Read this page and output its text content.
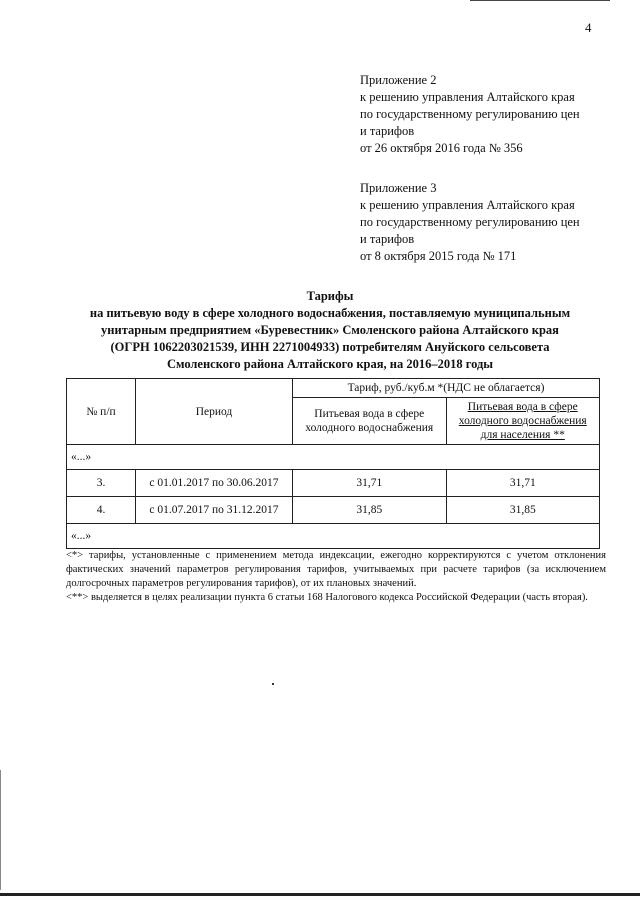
4
Приложение 2
к решению управления Алтайского края
по государственному регулированию цен
и тарифов
от 26 октября 2016 года № 356
Приложение 3
к решению управления Алтайского края
по государственному регулированию цен
и тарифов
от 8 октября 2015 года № 171
Тарифы
на питьевую воду в сфере холодного водоснабжения, поставляемую муниципальным
унитарным предприятием «Буревестник» Смоленского района Алтайского края
(ОГРН 1062203021539, ИНН 2271004933) потребителям Ануйского сельсовета
Смоленского района Алтайского края, на 2016–2018 годы
№ п/п	Период	Тариф, руб./куб.м *(НДС не облагается)	
		Питьевая вода в сфере холодного водоснабжения	Питьевая вода в сфере холодного водоснабжения для населения **
«...»			
3.	с 01.01.2017 по 30.06.2017	31,71	31,71
4.	с 01.07.2017 по 31.12.2017	31,85	31,85
«...»			

<*> тарифы, установленные с применением метода индексации, ежегодно корректируются с учетом отклонения фактических значений параметров регулирования тарифов, учитываемых при расчете тарифов (за исключением долгосрочных параметров регулирования тарифов), от их плановых значений.

<**> выделяется в целях реализации пункта 6 статьи 168 Налогового кодекса Российской Федерации (часть вторая).
